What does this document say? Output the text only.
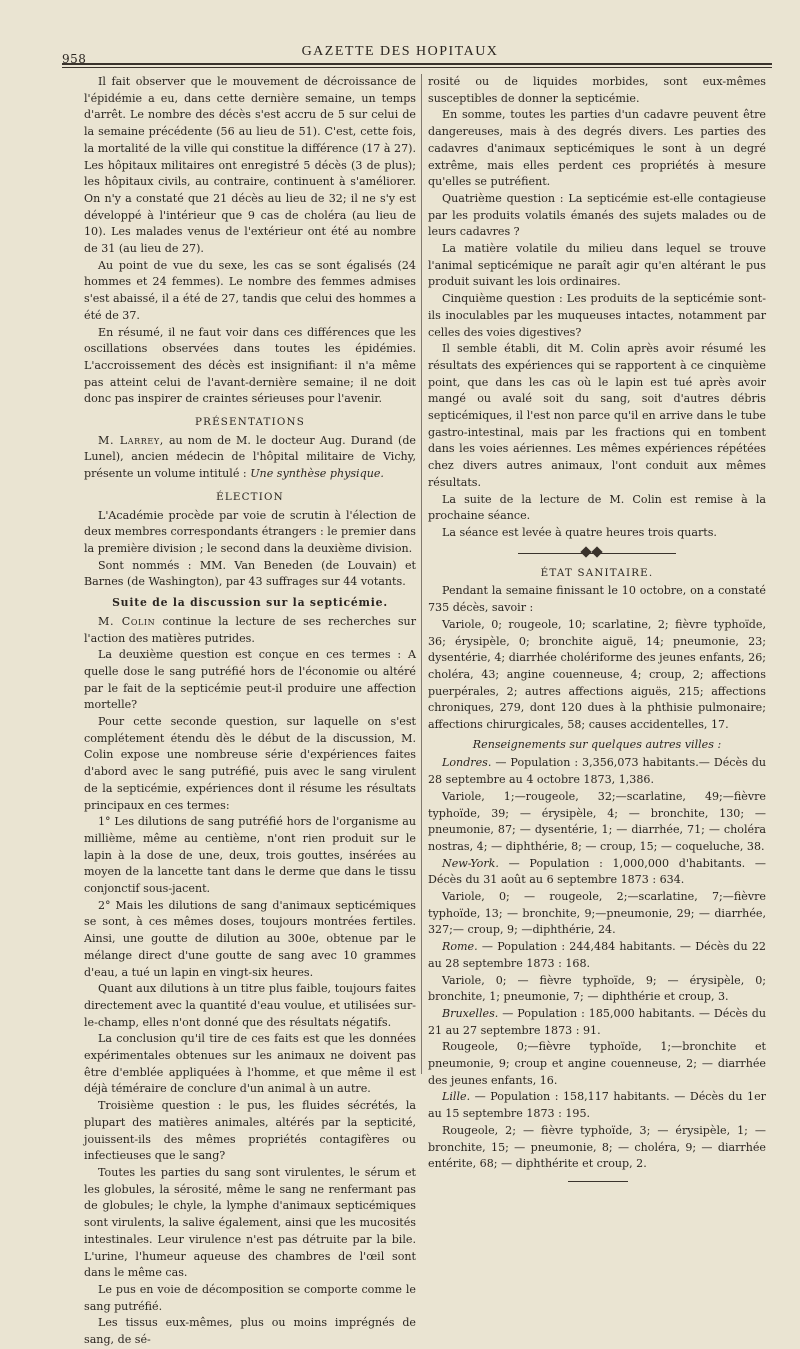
958	GAZETTE DES HOPITAUX

Il fait observer que le mouvement de décroissance de l'épidémie a eu, dans cette dernière semaine, un temps d'arrêt. Le nombre des décès s'est accru de 5 sur celui de la semaine précédente (56 au lieu de 51). C'est, cette fois, la mortalité de la ville qui constitue la différence (17 à 27). Les hôpitaux militaires ont enregistré 5 décès (3 de plus); les hôpitaux civils, au contraire, continuent à s'améliorer. On n'y a constaté que 21 décès au lieu de 32; il ne s'y est développé à l'intérieur que 9 cas de choléra (au lieu de 10). Les malades venus de l'extérieur ont été au nombre de 31 (au lieu de 27).

Au point de vue du sexe, les cas se sont égalisés (24 hommes et 24 femmes). Le nombre des femmes admises s'est abaissé, il a été de 27, tandis que celui des hommes a été de 37.

En résumé, il ne faut voir dans ces différences que les oscillations observées dans toutes les épidémies. L'accroissement des décès est insignifiant: il n'a même pas atteint celui de l'avant-dernière semaine; il ne doit donc pas inspirer de craintes sérieuses pour l'avenir.

PRÉSENTATIONS

M. Larrey, au nom de M. le docteur Aug. Durand (de Lunel), ancien médecin de l'hôpital militaire de Vichy, présente un volume intitulé : Une synthèse physique.

ÉLECTION

L'Académie procède par voie de scrutin à l'élection de deux membres correspondants étrangers : le premier dans la première division ; le second dans la deuxième division.

Sont nommés : MM. Van Beneden (de Louvain) et Barnes (de Washington), par 43 suffrages sur 44 votants.

Suite de la discussion sur la septicémie.

M. Colin continue la lecture de ses recherches sur l'action des matières putrides.

La deuxième question est conçue en ces termes : A quelle dose le sang putréfié hors de l'économie ou altéré par le fait de la septicémie peut-il produire une affection mortelle?

Pour cette seconde question, sur laquelle on s'est complétement étendu dès le début de la discussion, M. Colin expose une nombreuse série d'expériences faites d'abord avec le sang putréfié, puis avec le sang virulent de la septicémie, expériences dont il résume les résultats principaux en ces termes:

1° Les dilutions de sang putréfié hors de l'organisme au millième, même au centième, n'ont rien produit sur le lapin à la dose de une, deux, trois gouttes, insérées au moyen de la lancette tant dans le derme que dans le tissu conjonctif sous-jacent.

2° Mais les dilutions de sang d'animaux septicémiques se sont, à ces mêmes doses, toujours montrées fertiles. Ainsi, une goutte de dilution au 300e, obtenue par le mélange direct d'une goutte de sang avec 10 grammes d'eau, a tué un lapin en vingt-six heures.

Quant aux dilutions à un titre plus faible, toujours faites directement avec la quantité d'eau voulue, et utilisées sur-le-champ, elles n'ont donné que des résultats négatifs.

La conclusion qu'il tire de ces faits est que les données expérimentales obtenues sur les animaux ne doivent pas être d'emblée appliquées à l'homme, et que même il est déjà téméraire de conclure d'un animal à un autre.

Troisième question : le pus, les fluides sécrétés, la plupart des matières animales, altérés par la septicité, jouissent-ils des mêmes propriétés contagifères ou infectieuses que le sang?

Toutes les parties du sang sont virulentes, le sérum et les globules, la sérosité, même le sang ne renfermant pas de globules; le chyle, la lymphe d'animaux septicémiques sont virulents, la salive également, ainsi que les mucosités intestinales. Leur virulence n'est pas détruite par la bile. L'urine, l'humeur aqueuse des chambres de l'œil sont dans le même cas.

Le pus en voie de décomposition se comporte comme le sang putréfié.

Les tissus eux-mêmes, plus ou moins imprégnés de sang, de sé-

rosité ou de liquides morbides, sont eux-mêmes susceptibles de donner la septicémie.

En somme, toutes les parties d'un cadavre peuvent être dangereuses, mais à des degrés divers. Les parties des cadavres d'animaux septicémiques le sont à un degré extrême, mais elles perdent ces propriétés à mesure qu'elles se putréfient.

Quatrième question : La septicémie est-elle contagieuse par les produits volatils émanés des sujets malades ou de leurs cadavres ?

La matière volatile du milieu dans lequel se trouve l'animal septicémique ne paraît agir qu'en altérant le pus produit suivant les lois ordinaires.

Cinquième question : Les produits de la septicémie sont-ils inoculables par les muqueuses intactes, notamment par celles des voies digestives?

Il semble établi, dit M. Colin après avoir résumé les résultats des expériences qui se rapportent à ce cinquième point, que dans les cas où le lapin est tué après avoir mangé ou avalé soit du sang, soit d'autres débris septicémiques, il l'est non parce qu'il en arrive dans le tube gastro-intestinal, mais par les fractions qui en tombent dans les voies aériennes. Les mêmes expériences répétées chez divers autres animaux, l'ont conduit aux mêmes résultats.

La suite de la lecture de M. Colin est remise à la prochaine séance.

La séance est levée à quatre heures trois quarts.

ÉTAT SANITAIRE.

Pendant la semaine finissant le 10 octobre, on a constaté 735 décès, savoir :

Variole, 0; rougeole, 10; scarlatine, 2; fièvre typhoïde, 36; érysipèle, 0; bronchite aiguë, 14; pneumonie, 23; dysentérie, 4; diarrhée cholériforme des jeunes enfants, 26; choléra, 43; angine couenneuse, 4; croup, 2; affections puerpérales, 2; autres affections aiguës, 215; affections chroniques, 279, dont 120 dues à la phthisie pulmonaire; affections chirurgicales, 58; causes accidentelles, 17.

Renseignements sur quelques autres villes :

Londres. — Population : 3,356,073 habitants.— Décès du 28 septembre au 4 octobre 1873, 1,386.

Variole, 1;—rougeole, 32;—scarlatine, 49;—fièvre typhoïde, 39; — érysipèle, 4; — bronchite, 130; — pneumonie, 87; — dysentérie, 1; — diarrhée, 71; — choléra nostras, 4; — diphthérie, 8; — croup, 15; — coqueluche, 38.

New-York. — Population : 1,000,000 d'habitants. — Décès du 31 août au 6 septembre 1873 : 634.

Variole, 0; — rougeole, 2;—scarlatine, 7;—fièvre typhoïde, 13; — bronchite, 9;—pneumonie, 29; — diarrhée, 327;— croup, 9; —diphthérie, 24.

Rome. — Population : 244,484 habitants. — Décès du 22 au 28 septembre 1873 : 168.

Variole, 0; — fièvre typhoïde, 9; — érysipèle, 0; bronchite, 1; pneumonie, 7; — diphthérie et croup, 3.

Bruxelles. — Population : 185,000 habitants. — Décès du 21 au 27 septembre 1873 : 91.

Rougeole, 0;—fièvre typhoïde, 1;—bronchite et pneumonie, 9; croup et angine couenneuse, 2; — diarrhée des jeunes enfants, 16.

Lille. — Population : 158,117 habitants. — Décès du 1er au 15 septembre 1873 : 195.

Rougeole, 2; — fièvre typhoïde, 3; — érysipèle, 1; — bronchite, 15; — pneumonie, 8; — choléra, 9; — diarrhée entérite, 68; — diphthérite et croup, 2.
